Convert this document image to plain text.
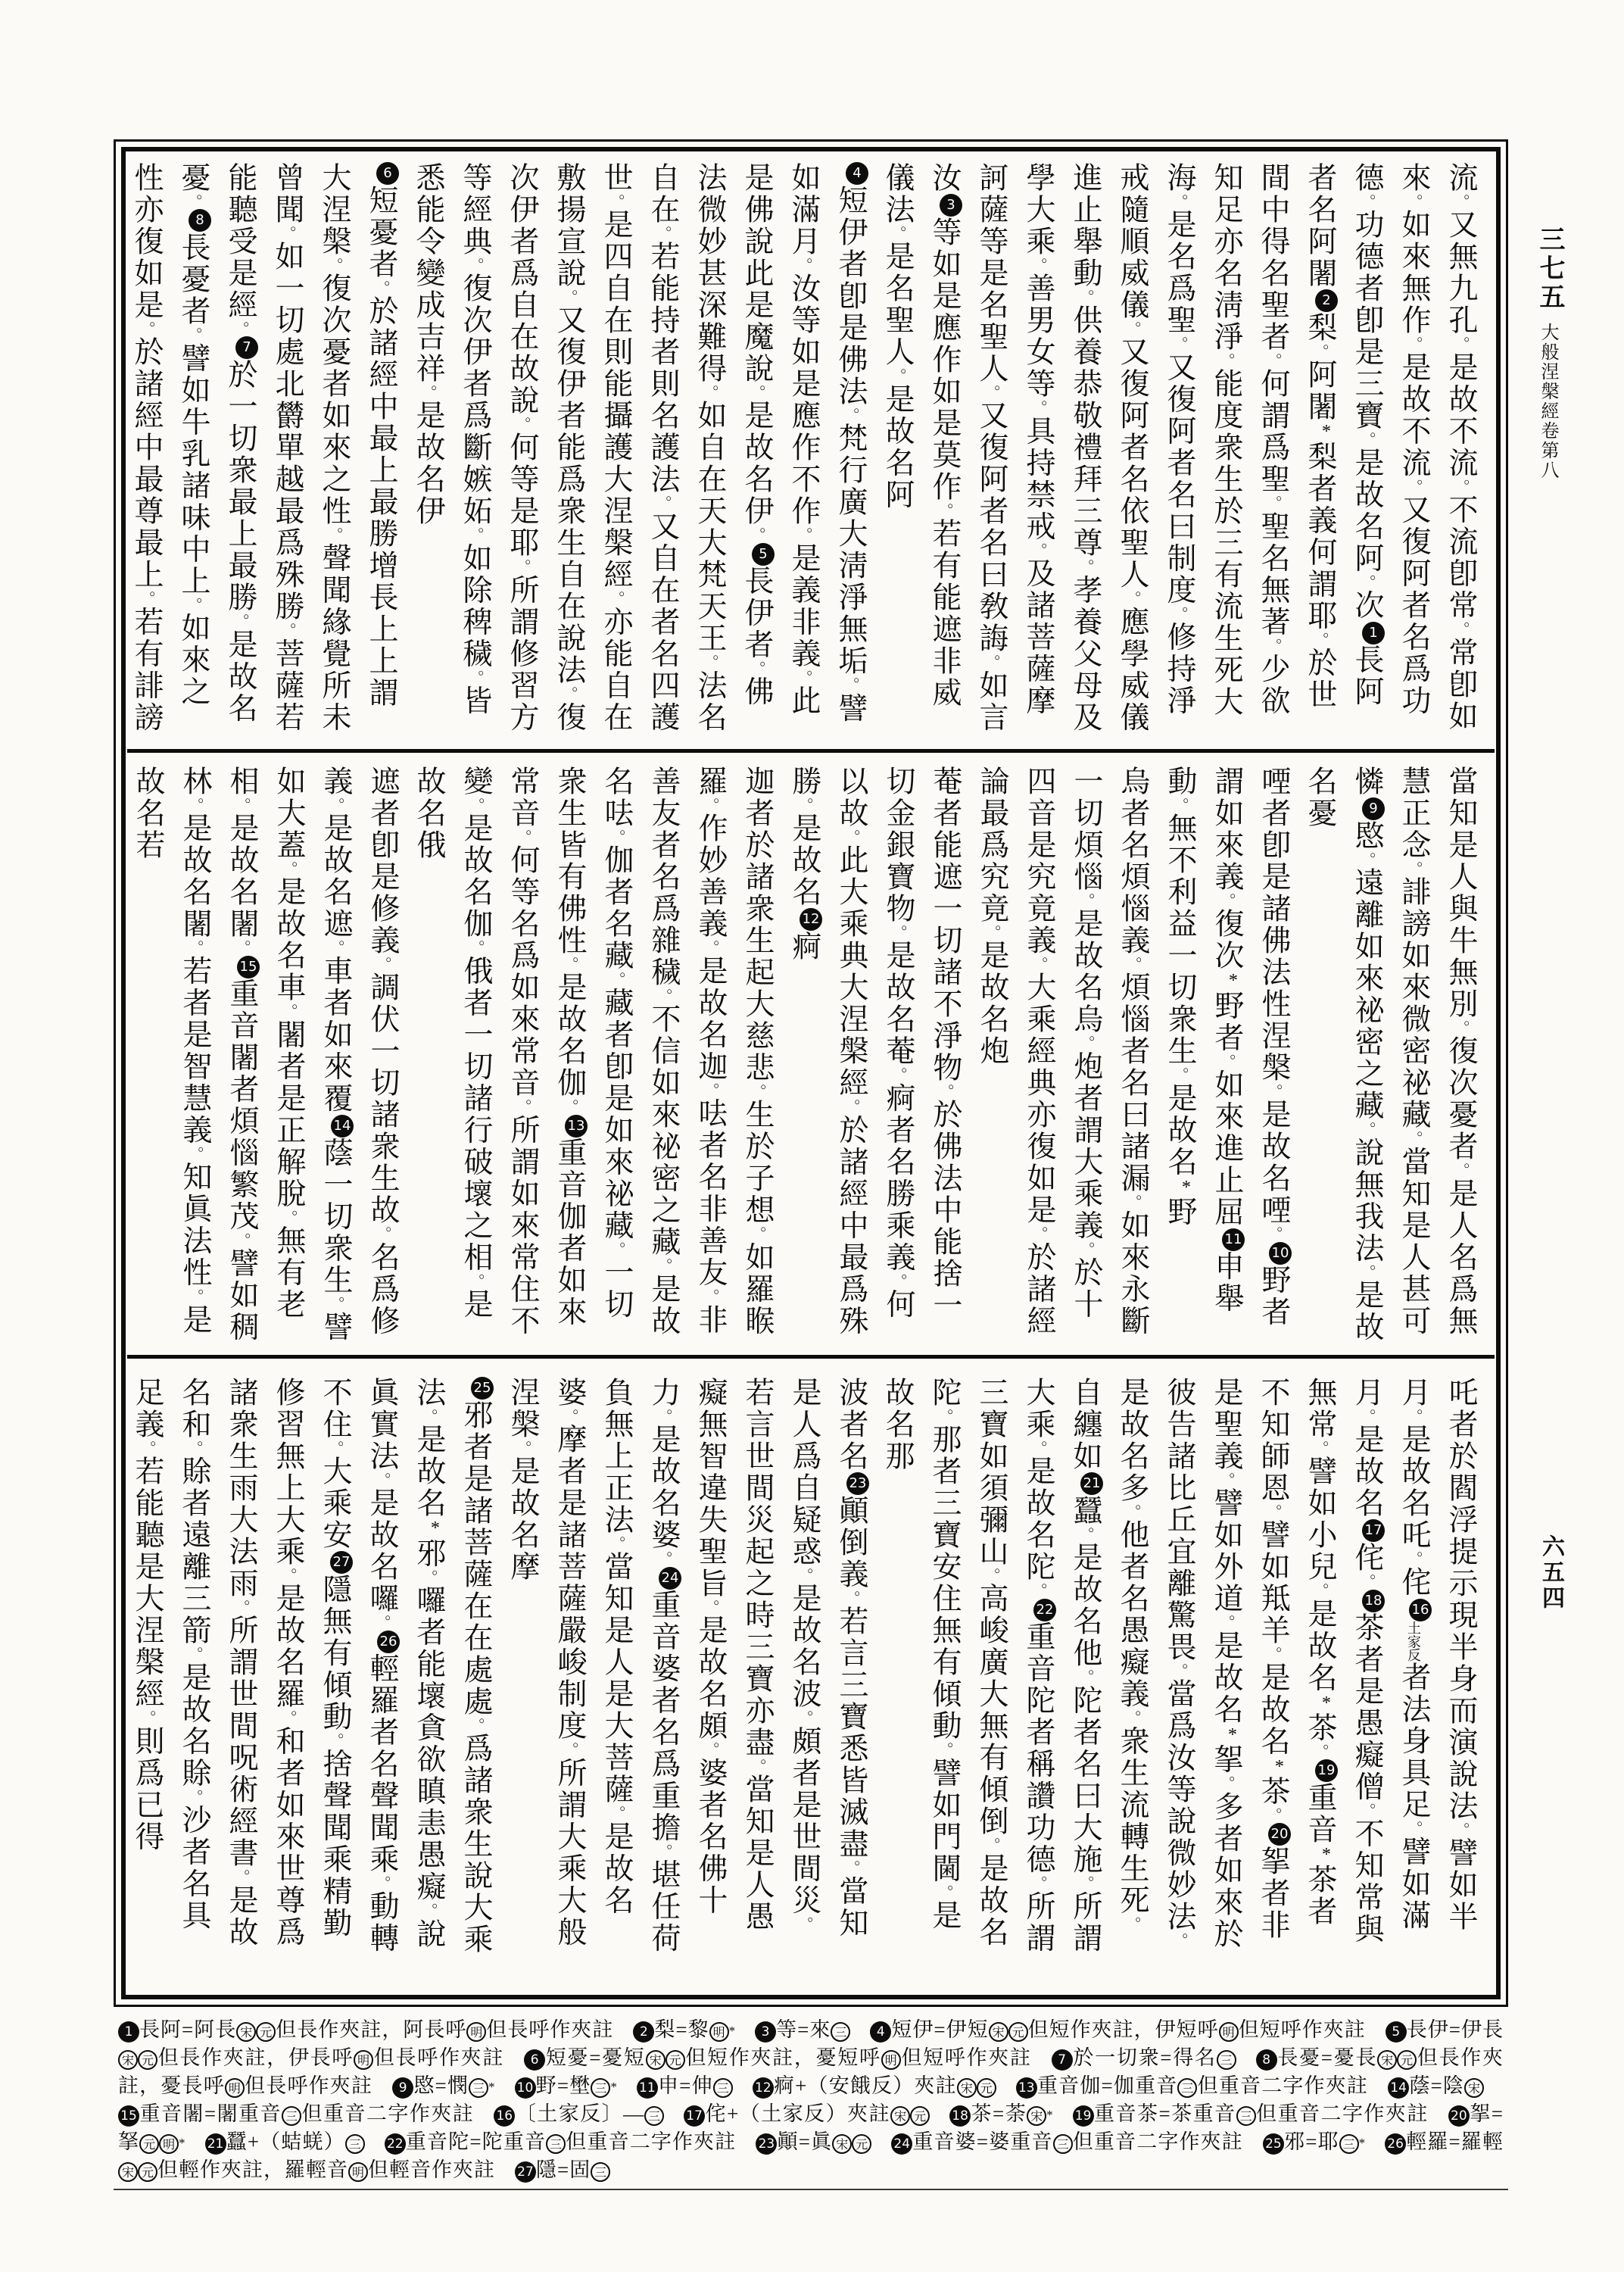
三七五
大般涅槃經卷第八
六五四

流。又無九孔。是故不流。不流卽常。常卽如來。如來無作。是故不流。又復阿者名爲功德。功德者卽是三寶。是故名阿。次1長阿者名阿闍2梨。阿闍*梨者義何謂耶。於世間中得名聖者。何謂爲聖。聖名無著。少欲知足亦名淸淨。能度衆生於三有流生死大海。是名爲聖。又復阿者名曰制度。修持淨戒隨順威儀。又復阿者名依聖人。應學威儀進止舉動。供養恭敬禮拜三尊。孝養父母及學大乘。善男女等。具持禁戒。及諸菩薩摩訶薩等是名聖人。又復阿者名曰敎誨。如言汝3等如是應作如是莫作。若有能遮非威儀法。是名聖人。是故名阿

4短伊者卽是佛法。梵行廣大淸淨無垢。譬如滿月。汝等如是應作不作。是義非義。此是佛說此是魔說。是故名伊。5長伊者。佛法微妙甚深難得。如自在天大梵天王。法名自在。若能持者則名護法。又自在者名四護世。是四自在則能攝護大涅槃經。亦能自在敷揚宣說。又復伊者能爲衆生自在說法。復次伊者爲自在故說。何等是耶。所謂修習方等經典。復次伊者爲斷嫉妬。如除稗穢。皆悉能令變成吉祥。是故名伊

6短憂者。於諸經中最上最勝增長上上謂大涅槃。復次憂者如來之性。聲聞緣覺所未曾聞。如一切處北欝單越最爲殊勝。菩薩若能聽受是經。7於一切衆最上最勝。是故名憂。8長憂者。譬如牛乳諸味中上。如來之性亦復如是。於諸經中最尊最上。若有誹謗

當知是人與牛無別。復次憂者。是人名爲無慧正念。誹謗如來微密祕藏。當知是人甚可憐9愍。遠離如來祕密之藏。說無我法。是故名憂

㖶者卽是諸佛法性涅槃。是故名㖶。10野者謂如來義。復次*野者。如來進止屈11申舉動。無不利益一切衆生。是故名*野

烏者名煩惱義。煩惱者名曰諸漏。如來永斷一切煩惱。是故名烏。炮者謂大乘義。於十四音是究竟義。大乘經典亦復如是。於諸經論最爲究竟。是故名炮

菴者能遮一切諸不淨物。於佛法中能捨一切金銀寶物。是故名菴。痾者名勝乘義。何以故。此大乘典大涅槃經。於諸經中最爲殊勝。是故名12痾

迦者於諸衆生起大慈悲。生於子想。如羅睺羅。作妙善義。是故名迦。呿者名非善友。非善友者名爲雜穢。不信如來祕密之藏。是故名呿。伽者名藏。藏者卽是如來祕藏。一切衆生皆有佛性。是故名伽。13重音伽者如來常音。何等名爲如來常音。所謂如來常住不變。是故名伽。俄者一切諸行破壞之相。是故名俄

遮者卽是修義。調伏一切諸衆生故。名爲修義。是故名遮。車者如來覆14蔭一切衆生。譬如大蓋。是故名車。闍者是正解脫。無有老相。是故名闍。15重音闍者煩惱繁茂。譬如稠林。是故名闍。若者是智慧義。知眞法性。是故名若

吒者於閻浮提示現半身而演說法。譬如半月。是故名吒。侘16土家反者法身具足。譬如滿月。是故名17侘。18茶者是愚癡僧。不知常與無常。譬如小兒。是故名*茶。19重音*茶者不知師恩。譬如羝羊。是故名*茶。20挐者非是聖義。譬如外道。是故名*挐。多者如來於彼告諸比丘宜離驚畏。當爲汝等說微妙法。是故名多。他者名愚癡義。衆生流轉生死。自纏如21蠶。是故名他。陀者名曰大施。所謂大乘。是故名陀。22重音陀者稱讚功德。所謂三寶如須彌山。高峻廣大無有傾倒。是故名陀。那者三寶安住無有傾動。譬如門閫。是故名那

波者名23顚倒義。若言三寶悉皆滅盡。當知是人爲自疑惑。是故名波。頗者是世間災。若言世間災起之時三寶亦盡。當知是人愚癡無智違失聖旨。是故名頗。婆者名佛十力。是故名婆。24重音婆者名爲重擔。堪任荷負無上正法。當知是人是大菩薩。是故名婆。摩者是諸菩薩嚴峻制度。所謂大乘大般涅槃。是故名摩

25邪者是諸菩薩在在處處。爲諸衆生說大乘法。是故名*邪。囉者能壞貪欲瞋恚愚癡。說眞實法。是故名囉。26輕羅者名聲聞乘。動轉不住。大乘安27隱無有傾動。捨聲聞乘精勤修習無上大乘。是故名羅。和者如來世尊爲諸衆生雨大法雨。所謂世間呪術經書。是故名和。賖者遠離三箭。是故名賖。沙者名具足義。若能聽是大涅槃經。則爲已得

1 長阿=阿長 宋 元 但長作夾註，阿長呼 明 但長呼作夾註 2 梨=黎 明 * 3 等=來 三 4 短伊=伊短 宋 元 但短作夾註，伊短呼 明 但短呼作夾註 5 長伊=伊長宋 元 但長作夾註，伊長呼 明 但長呼作夾註 6 短憂=憂短 宋 元 但短作夾註，憂短呼 明 但短呼作夾註 7 於一切衆=得名 三 8 長憂=憂長 宋 元 但長作夾註，憂長呼 明 但長呼作夾註 9 愍=憫 三 * 10 野=壄 三 * 11 申=伸 三 12 痾+（安餓反）夾註 宋 元 13 重音伽=伽重音 三 但重音二字作夾註 14 蔭=陰 宋15 重音闍=闍重音 三 但重音二字作夾註 16 〔土家反〕— 三 17 侘+（土家反）夾註 宋 元 18 茶=荼 宋 * 19 重音茶=茶重音 三 但重音二字作夾註 20 挐=拏 元 明 * 21 蠶+（蛣蜣） 三 22 重音陀=陀重音 三 但重音二字作夾註 23 顚=眞 宋 元 24 重音婆=婆重音 三 但重音二字作夾註 25 邪=耶 三 * 26 輕羅=羅輕宋 元 但輕作夾註，羅輕音 明 但輕音作夾註 27 隱=固 三
